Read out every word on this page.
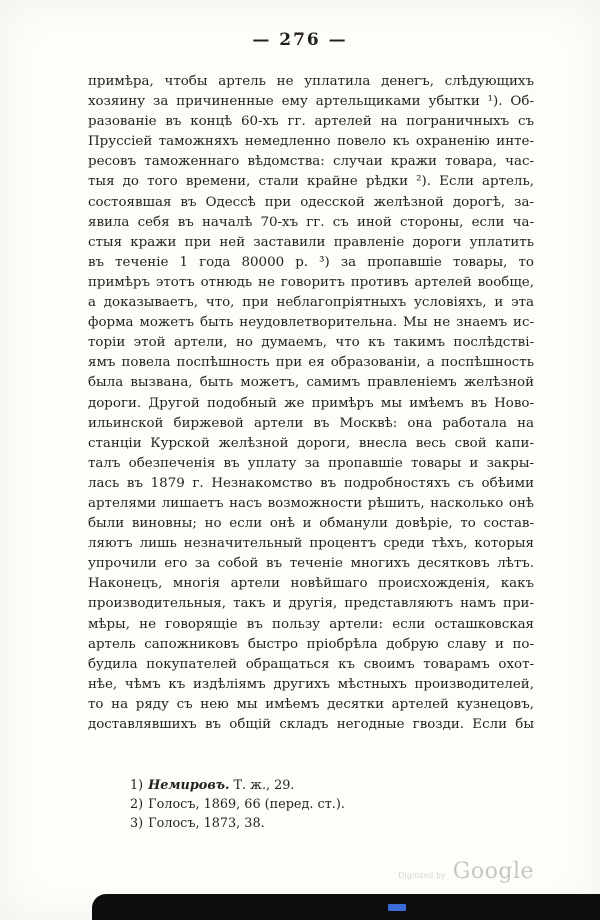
— 276 —
примѣра, чтобы артель не уплатила денегъ, слѣдующихъ
хозяину за причиненные ему артельщиками убытки ¹). Об-
разованіе въ концѣ 60-хъ гг. артелей на пограничныхъ съ
Пруссіей таможняхъ немедленно повело къ охраненію инте-
ресовъ таможеннаго вѣдомства: случаи кражи товара, час-
тыя до того времени, стали крайне рѣдки ²). Если артель,
состоявшая въ Одессѣ при одесской желѣзной дорогѣ, за-
явила себя въ началѣ 70-хъ гг. съ иной стороны, если ча-
стыя кражи при ней заставили правленіе дороги уплатить
въ теченіе 1 года 80000 р. ³) за пропавшіе товары, то
примѣръ этотъ отнюдь не говоритъ противъ артелей вообще,
а доказываетъ, что, при неблагопріятныхъ условіяхъ, и эта
форма можетъ быть неудовлетворительна. Мы не знаемъ ис-
торіи этой артели, но думаемъ, что къ такимъ послѣдстві-
ямъ повела поспѣшность при ея образованіи, а поспѣшность
была вызвана, быть можетъ, самимъ правленіемъ желѣзной
дороги. Другой подобный же примѣръ мы имѣемъ въ Ново-
ильинской биржевой артели въ Москвѣ: она работала на
станціи Курской желѣзной дороги, внесла весь свой капи-
талъ обезпеченія въ уплату за пропавшіе товары и закры-
лась въ 1879 г. Незнакомство въ подробностяхъ съ обѣими
артелями лишаетъ насъ возможности рѣшить, насколько онѣ
были виновны; но если онѣ и обманули довѣріе, то состав-
ляютъ лишь незначительный процентъ среди тѣхъ, которыя
упрочили его за собой въ теченіе многихъ десятковъ лѣтъ.
Наконецъ, многія артели новѣйшаго происхожденія, какъ
производительныя, такъ и другія, представляютъ намъ при-
мѣры, не говорящіе въ пользу артели: если осташковская
артель сапожниковъ быстро пріобрѣла добрую славу и по-
будила покупателей обращаться къ своимъ товарамъ охот-
нѣе, чѣмъ къ издѣліямъ другихъ мѣстныхъ производителей,
то на ряду съ нею мы имѣемъ десятки артелей кузнецовъ,
доставлявшихъ въ общій складъ негодные гвозди. Если бы
1) Немировъ. Т. ж., 29.
2) Голосъ, 1869, 66 (перед. ст.).
3) Голосъ, 1873, 38.
Digitized by Google
